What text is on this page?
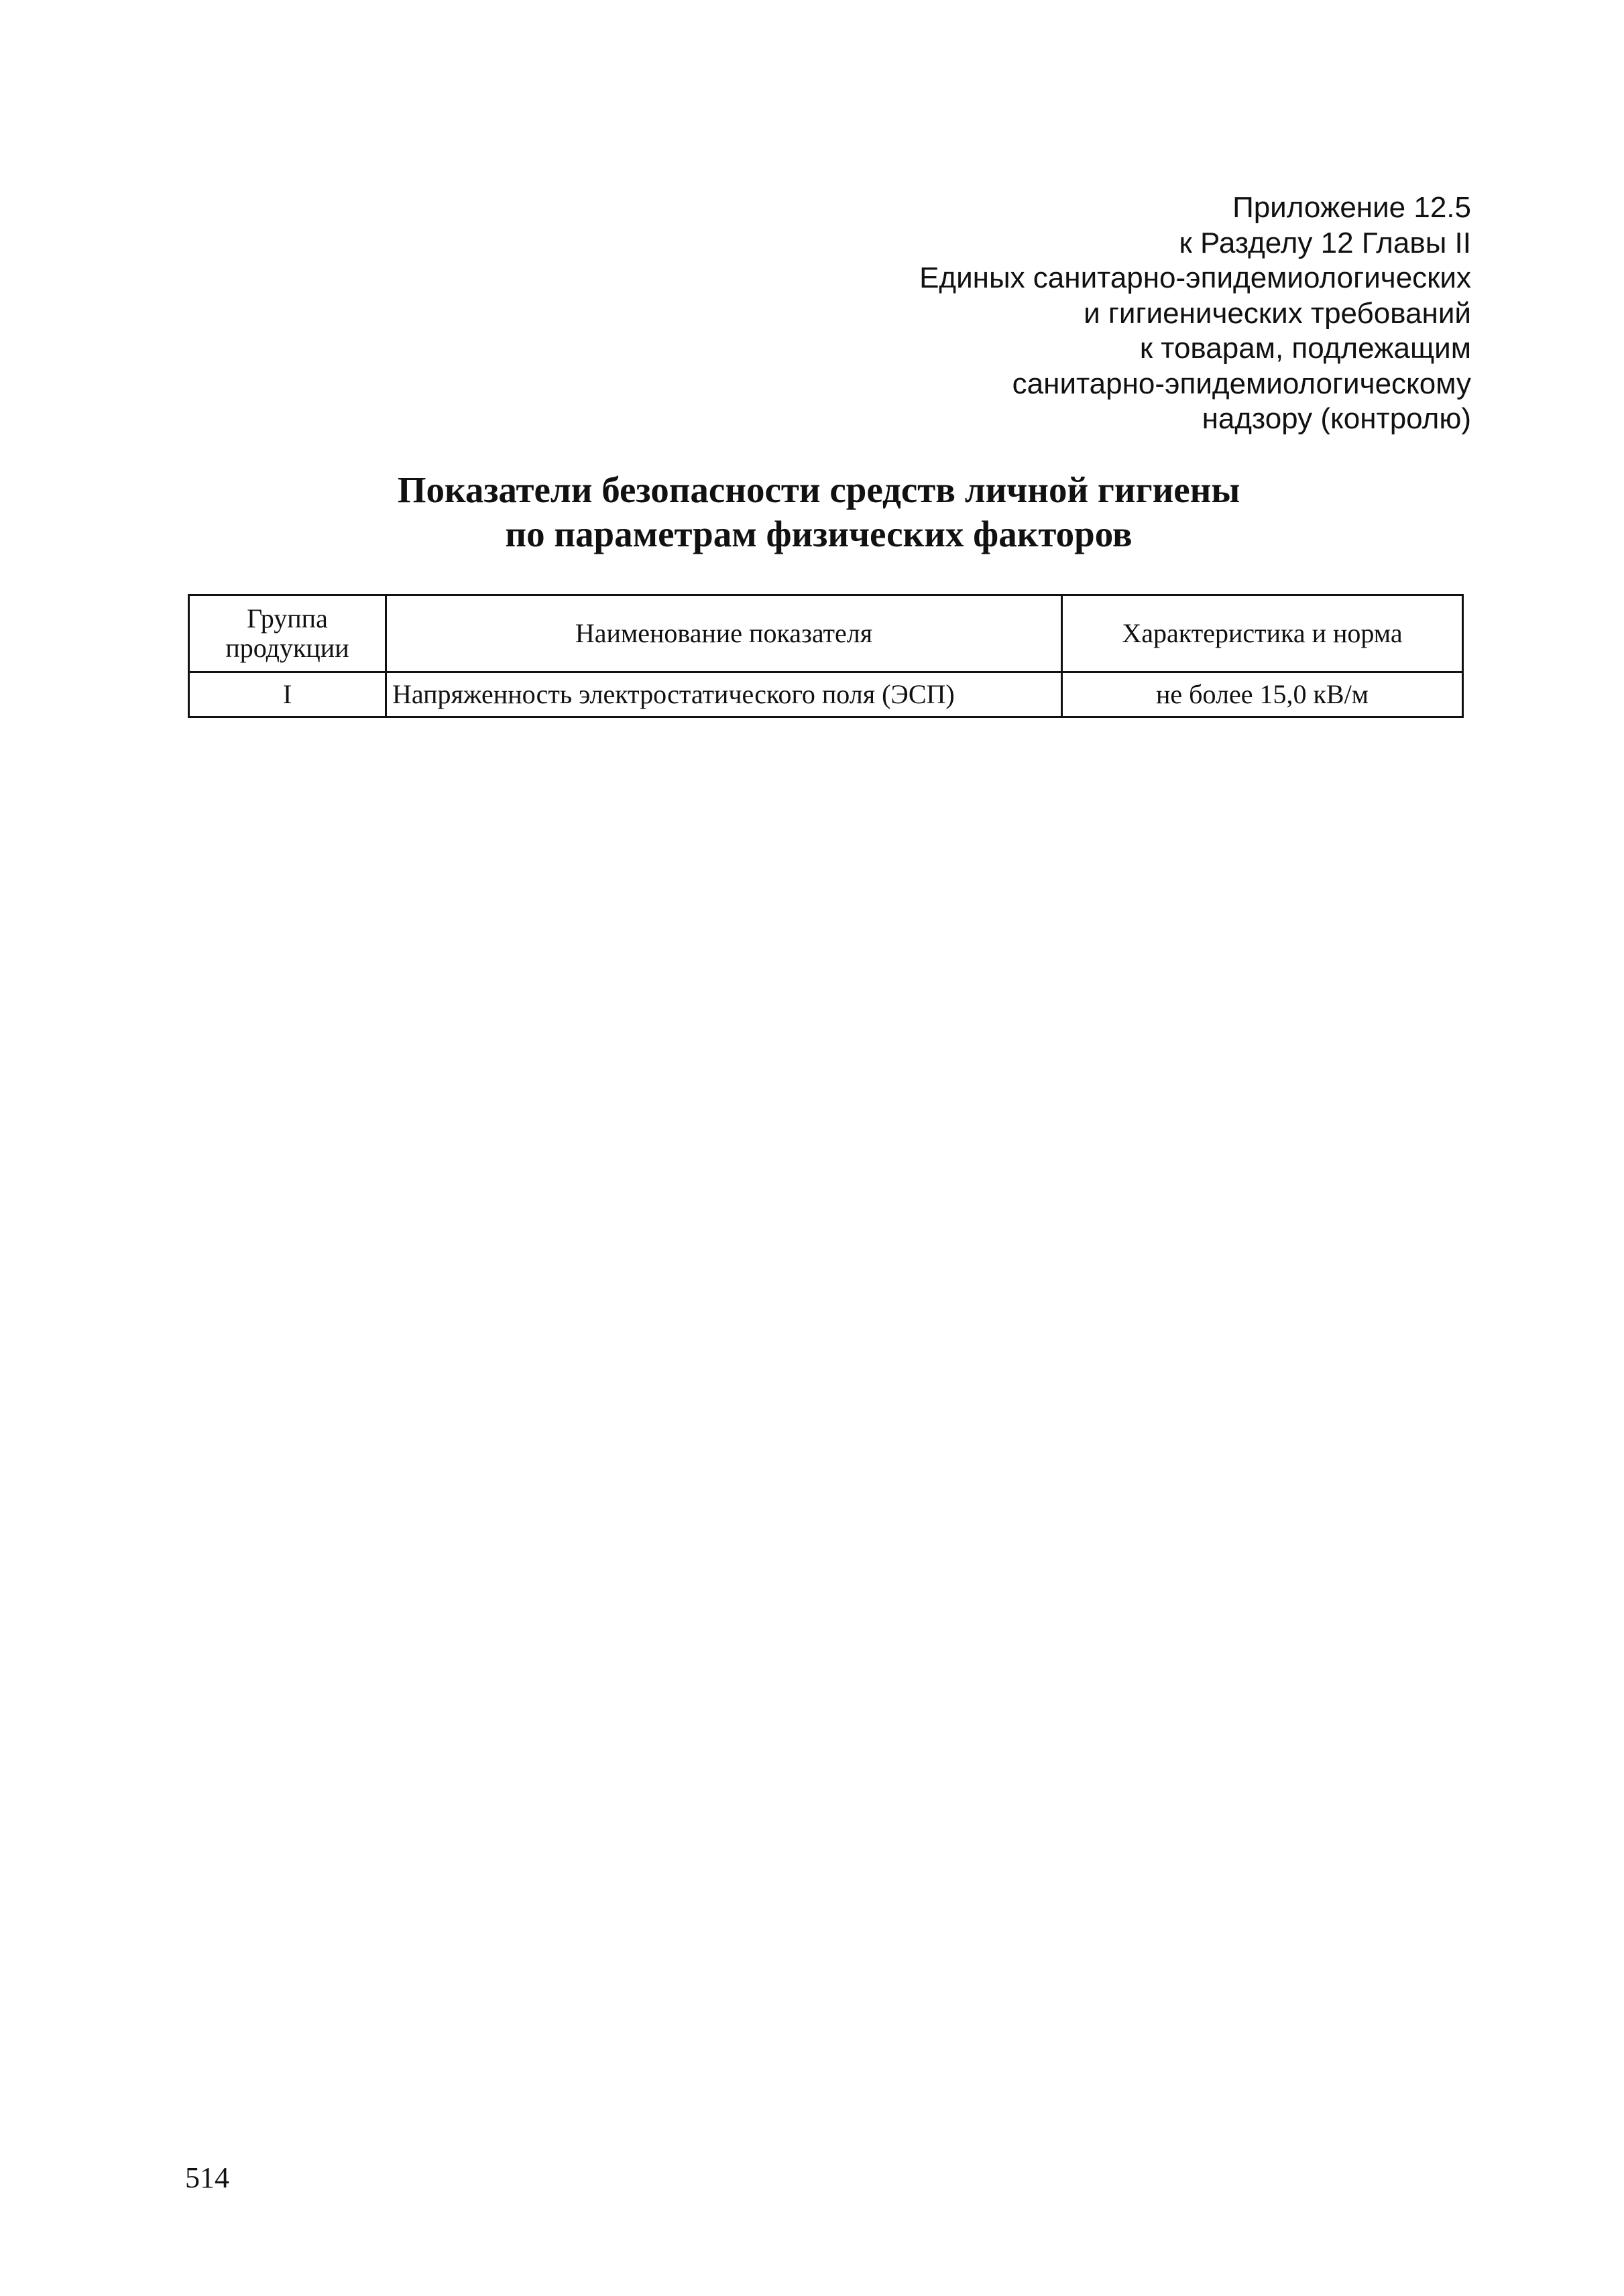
Приложение 12.5
к Разделу 12 Главы II
Единых санитарно-эпидемиологических
и гигиенических требований
к товарам, подлежащим
санитарно-эпидемиологическому
надзору (контролю)
Показатели безопасности средств личной гигиены
по параметрам физических факторов
Группа
продукции	Наименование показателя	Характеристика и норма
I	Напряженность электростатического поля (ЭСП)	не более 15,0 кВ/м
514
